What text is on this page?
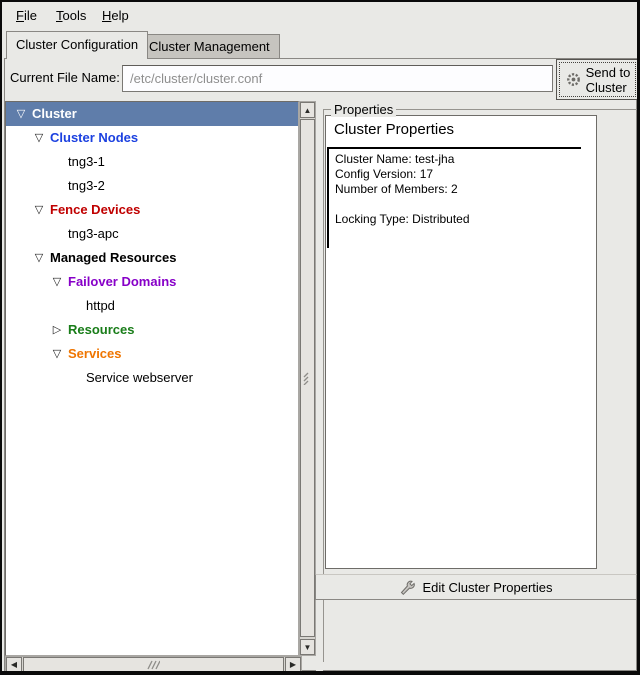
File	Tools	Help
Cluster Configuration Cluster Management
Current File Name:
/etc/cluster/cluster.conf	Send to
Cluster
▽ Cluster
▽ Cluster Nodes
tng3-1
tng3-2
▽ Fence Devices
tng3-apc
▽ Managed Resources
▽ Failover Domains
httpd
▷ Resources
▽ Services
Service webserver
▲
▼
◀	▶
Properties
Cluster Properties
Cluster Name: test-jha
Config Version: 17
Number of Members: 2

Locking Type: Distributed
Edit Cluster Properties
